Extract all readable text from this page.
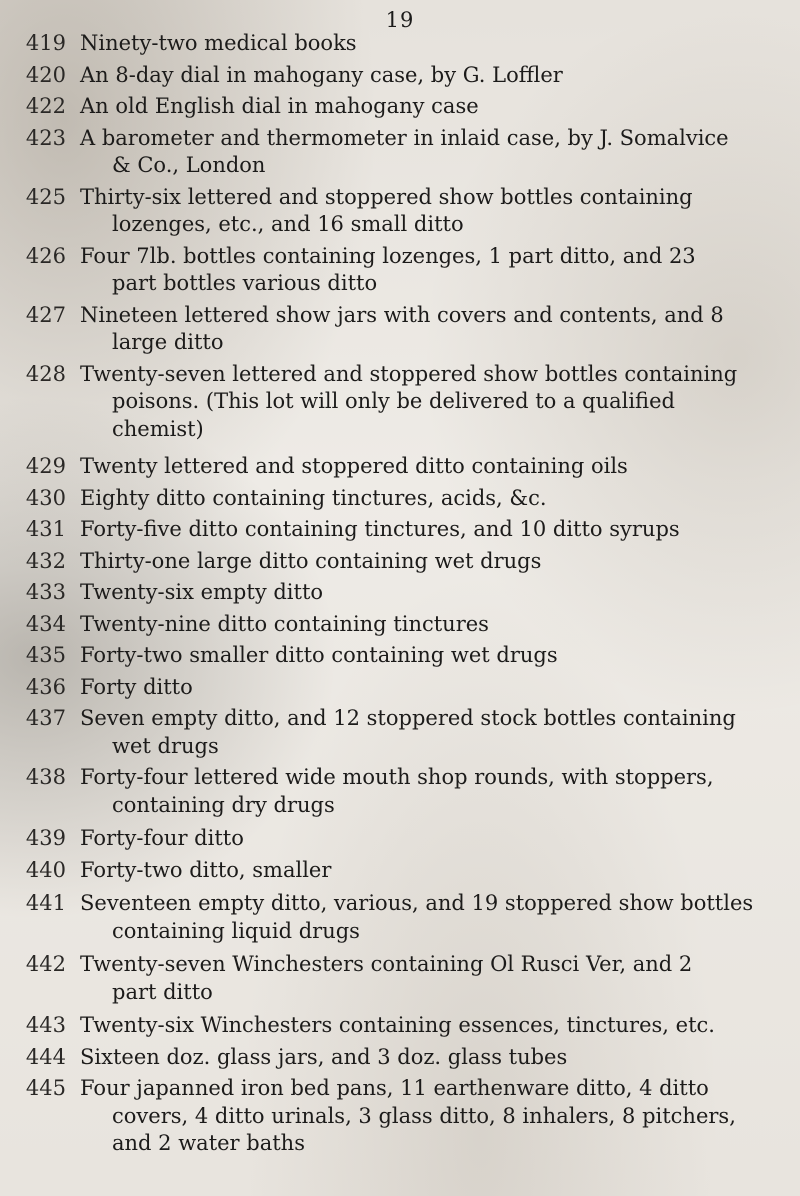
19
419 Ninety-two medical books
420 An 8-day dial in mahogany case, by G. Loffler
422 An old English dial in mahogany case
423 A barometer and thermometer in inlaid case, by J. Somalvice
& Co., London
425 Thirty-six lettered and stoppered show bottles containing
lozenges, etc., and 16 small ditto
426 Four 7lb. bottles containing lozenges, 1 part ditto, and 23
part bottles various ditto
427 Nineteen lettered show jars with covers and contents, and 8
large ditto
428 Twenty-seven lettered and stoppered show bottles containing
poisons. (This lot will only be delivered to a qualified
chemist)
429 Twenty lettered and stoppered ditto containing oils
430 Eighty ditto containing tinctures, acids, &c.
431 Forty-five ditto containing tinctures, and 10 ditto syrups
432 Thirty-one large ditto containing wet drugs
433 Twenty-six empty ditto
434 Twenty-nine ditto containing tinctures
435 Forty-two smaller ditto containing wet drugs
436 Forty ditto
437 Seven empty ditto, and 12 stoppered stock bottles containing
wet drugs
438 Forty-four lettered wide mouth shop rounds, with stoppers,
containing dry drugs
439 Forty-four ditto
440 Forty-two ditto, smaller
441 Seventeen empty ditto, various, and 19 stoppered show bottles
containing liquid drugs
442 Twenty-seven Winchesters containing Ol Rusci Ver, and 2
part ditto
443 Twenty-six Winchesters containing essences, tinctures, etc.
444 Sixteen doz. glass jars, and 3 doz. glass tubes
445 Four japanned iron bed pans, 11 earthenware ditto, 4 ditto
covers, 4 ditto urinals, 3 glass ditto, 8 inhalers, 8 pitchers,
and 2 water baths
